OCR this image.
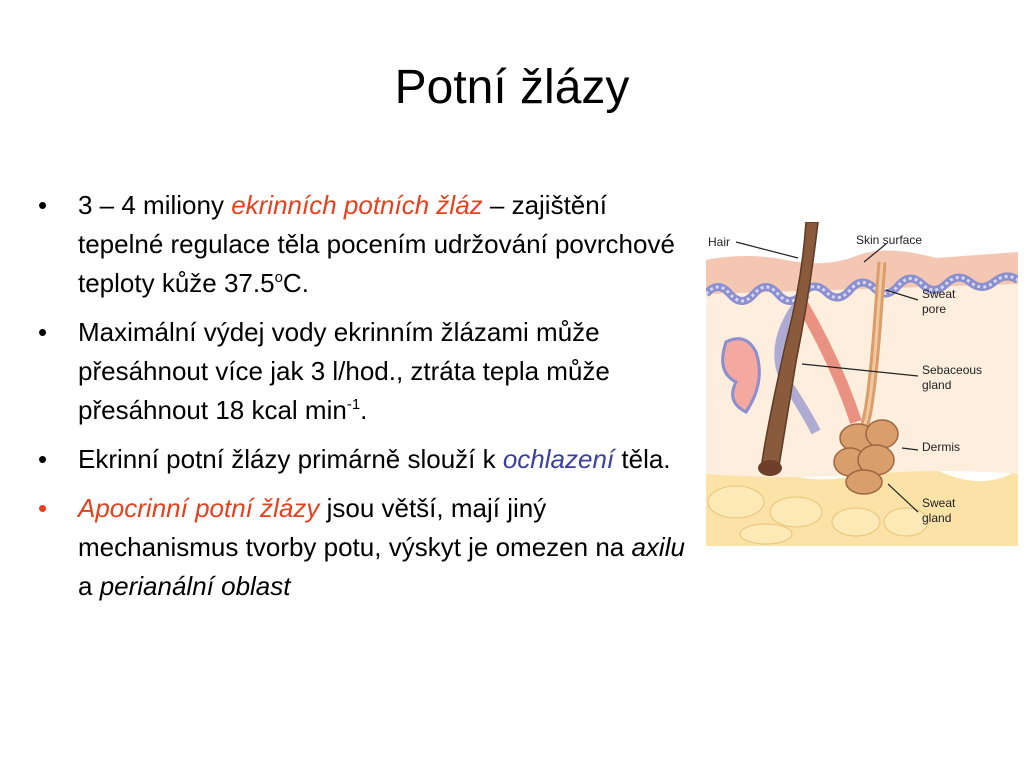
Potní žlázy
•	3 – 4 miliony ekrinních potních žláz – zajištění tepelné regulace těla pocením udržování povrchové teploty kůže 37.5$^o$C.
•	Maximální výdej vody ekrinním žlázami může přesáhnout více jak 3 l/hod., ztráta tepla může přesáhnout 18 kcal $\min^{-1}$.
•	Ekrinní potní žlázy primárně slouží k ochlazení těla.
•	Apocrinní potní žlázy jsou větší, mají jiný mechanismus tvorby potu, výskyt je omezen na axilu a perianální oblast
Hair	Skin surface
Sweat
pore
Sebaceous
gland
Dermis
Sweat
gland
